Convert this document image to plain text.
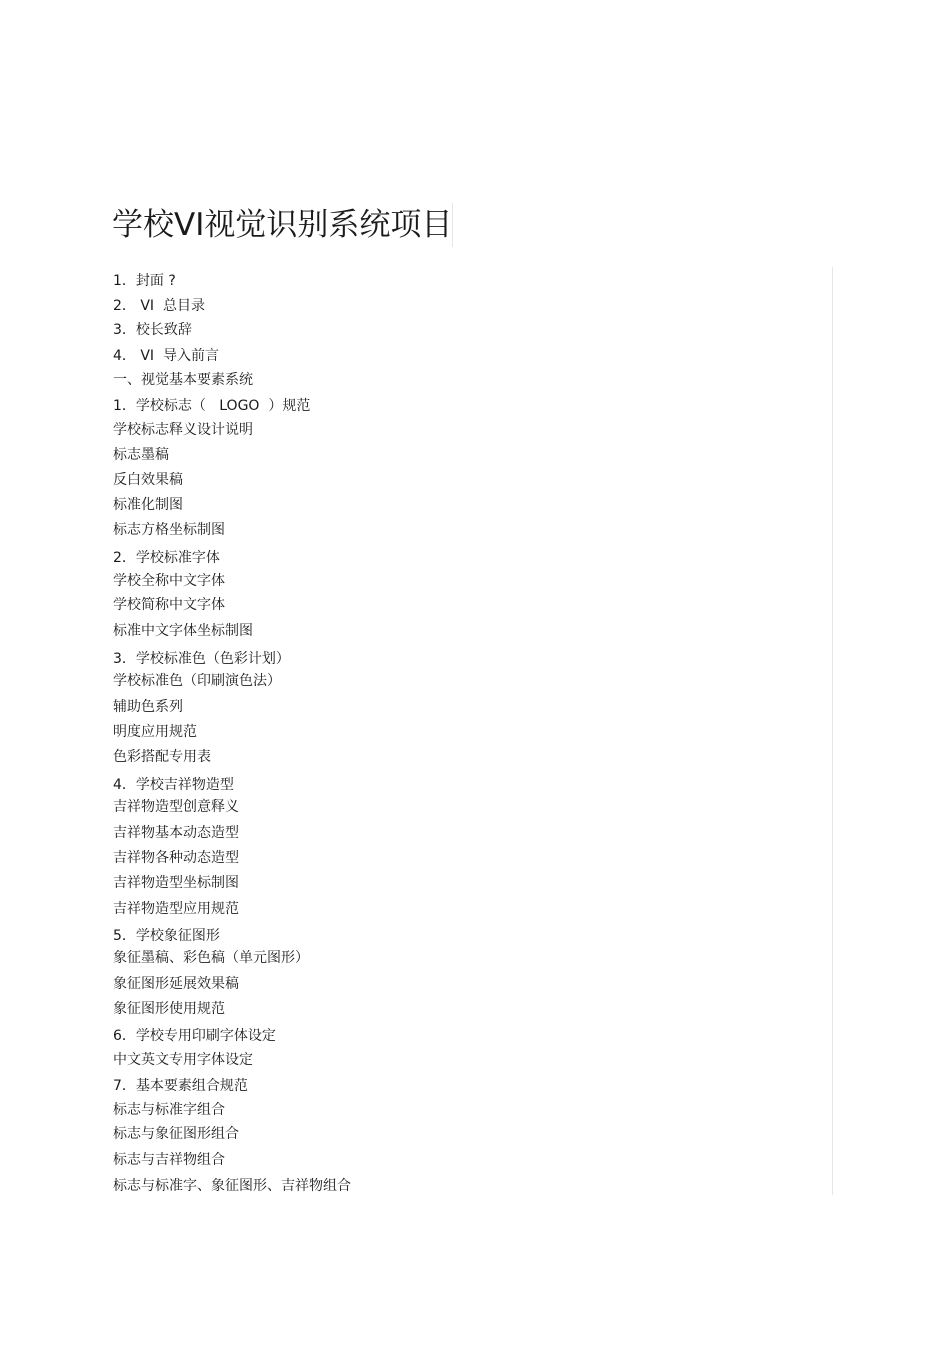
学校VI视觉识别系统项目
1．封面 ?
2． VI  总目录
3．校长致辞
4． VI  导入前言
一、视觉基本要素系统
1．学校标志（   LOGO  ）规范
学校标志释义设计说明
标志墨稿
反白效果稿
标准化制图
标志方格坐标制图
2．学校标准字体
学校全称中文字体
学校简称中文字体
标准中文字体坐标制图
3．学校标准色（色彩计划）
学校标准色（印刷演色法）
辅助色系列
明度应用规范
色彩搭配专用表
4．学校吉祥物造型
吉祥物造型创意释义
吉祥物基本动态造型
吉祥物各种动态造型
吉祥物造型坐标制图
吉祥物造型应用规范
5．学校象征图形
象征墨稿、彩色稿（单元图形）
象征图形延展效果稿
象征图形使用规范
6．学校专用印刷字体设定
中文英文专用字体设定
7．基本要素组合规范
标志与标准字组合
标志与象征图形组合
标志与吉祥物组合
标志与标准字、象征图形、吉祥物组合
